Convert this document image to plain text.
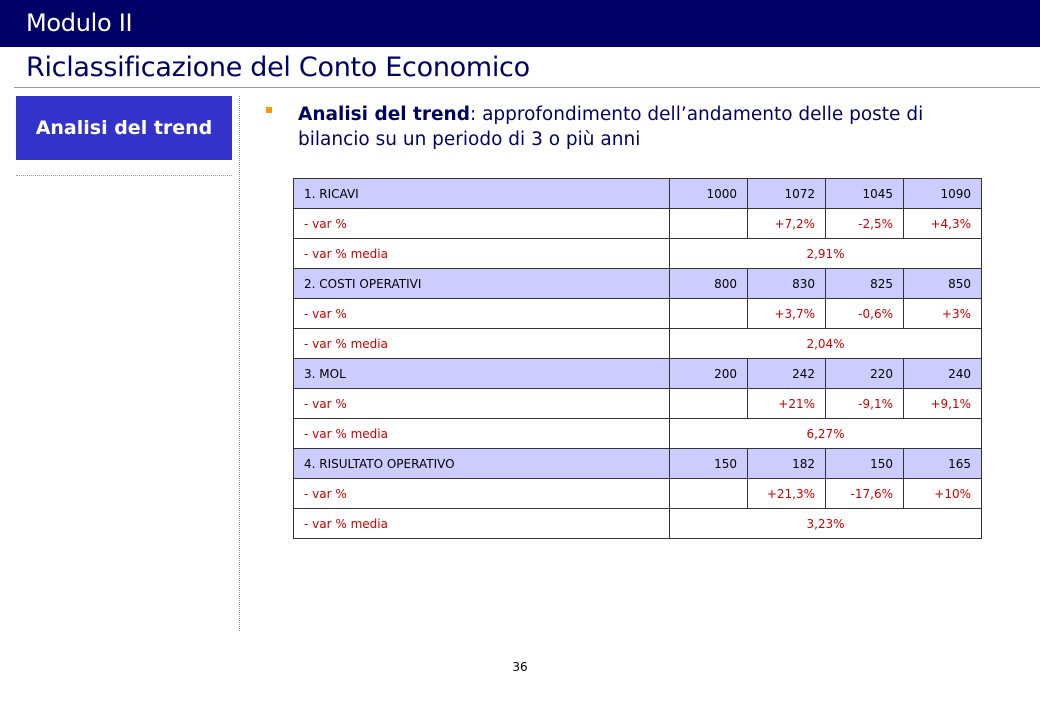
Modulo II
Riclassificazione del Conto Economico
Analisi del trend
Analisi del trend: approfondimento dell’andamento delle poste di bilancio su un periodo di 3 o più anni
1. RICAVI	1000	1072	1045	1090
- var %		+7,2%	-2,5%	+4,3%
- var % media	2,91%			
2. COSTI OPERATIVI	800	830	825	850
- var %		+3,7%	-0,6%	+3%
- var % media	2,04%			
3. MOL	200	242	220	240
- var %		+21%	-9,1%	+9,1%
- var % media	6,27%			
4. RISULTATO OPERATIVO	150	182	150	165
- var %		+21,3%	-17,6%	+10%
- var % media	3,23%			
36
